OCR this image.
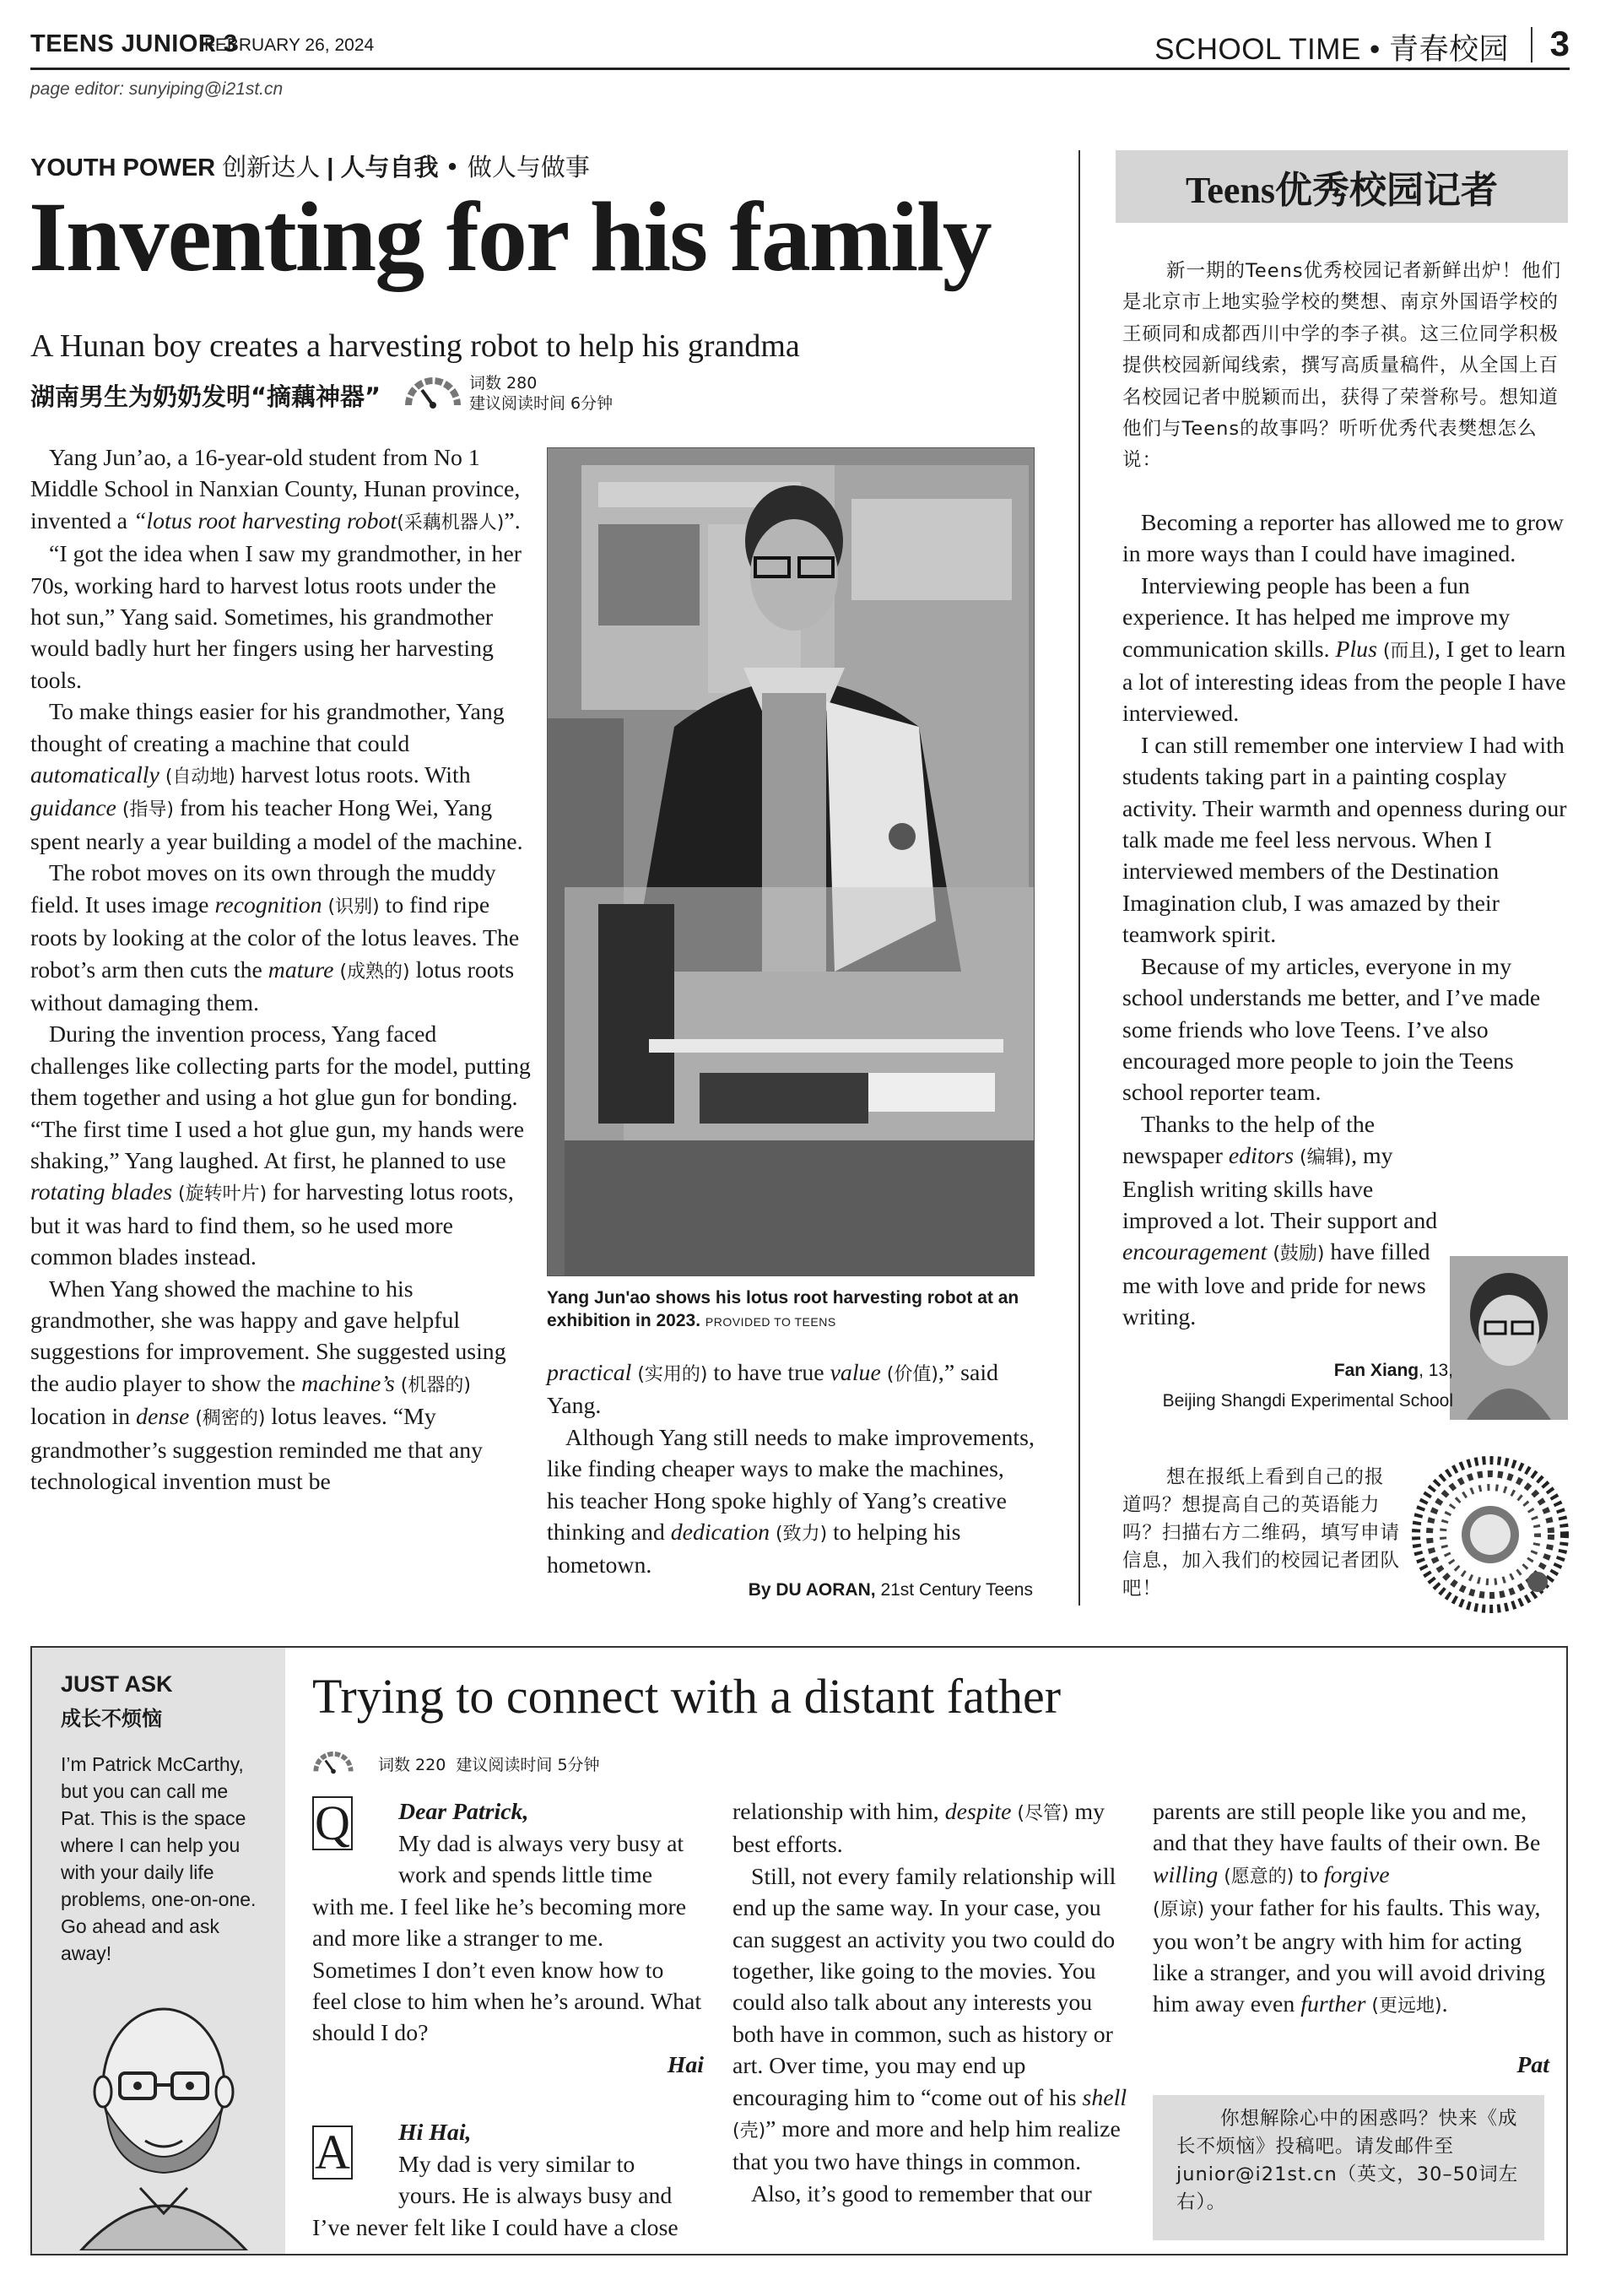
TEENS JUNIOR 3
FEBRUARY 26, 2024	SCHOOL TIME • 青春校园 3
page editor: sunyiping@i21st.cn
YOUTH POWER 创新达人 | 人与自我 • 做人与做事
Inventing for his family
A Hunan boy creates a harvesting robot to help his grandma
湖南男生为奶奶发明“摘藕神器”	词数 280
建议阅读时间 6分钟

Yang Jun’ao, a 16-year-old student from No 1 Middle School in Nanxian County, Hunan province, invented a “lotus root harvesting robot(采藕机器人)”.

“I got the idea when I saw my grandmother, in her 70s, working hard to harvest lotus roots under the hot sun,” Yang said. Sometimes, his grandmother would badly hurt her fingers using her harvesting tools.

To make things easier for his grandmother, Yang thought of creating a machine that could automatically (自动地) harvest lotus roots. With guidance (指导) from his teacher Hong Wei, Yang spent nearly a year building a model of the machine.

The robot moves on its own through the muddy field. It uses image recognition (识别) to find ripe roots by looking at the color of the lotus leaves. The robot’s arm then cuts the mature (成熟的) lotus roots without damaging them.

During the invention process, Yang faced challenges like collecting parts for the model, putting them together and using a hot glue gun for bonding. “The first time I used a hot glue gun, my hands were shaking,” Yang laughed. At first, he planned to use rotating blades (旋转叶片) for harvesting lotus roots, but it was hard to find them, so he used more common blades instead.

When Yang showed the machine to his grandmother, she was happy and gave helpful suggestions for improvement. She suggested using the audio player to show the machine’s (机器的) location in dense (稠密的) lotus leaves. “My grandmother’s suggestion reminded me that any technological invention must be

Yang Jun'ao shows his lotus root harvesting robot at an exhibition in 2023. PROVIDED TO TEENS

practical (实用的) to have true value (价值),” said Yang.

Although Yang still needs to make improvements, like finding cheaper ways to make the machines, his teacher Hong spoke highly of Yang’s creative thinking and dedication (致力) to helping his hometown.

By DU AORAN, 21st Century Teens
Teens优秀校园记者
新一期的Teens优秀校园记者新鲜出炉！他们是北京市上地实验学校的樊想、南京外国语学校的王硕同和成都西川中学的李子祺。这三位同学积极提供校园新闻线索，撰写高质量稿件，从全国上百名校园记者中脱颖而出，获得了荣誉称号。想知道他们与Teens的故事吗？听听优秀代表樊想怎么说：

Becoming a reporter has allowed me to grow in more ways than I could have imagined.

Interviewing people has been a fun experience. It has helped me improve my communication skills. Plus (而且), I get to learn a lot of interesting ideas from the people I have interviewed.

I can still remember one interview I had with students taking part in a painting cosplay activity. Their warmth and openness during our talk made me feel less nervous. When I interviewed members of the Destination Imagination club, I was amazed by their teamwork spirit.

Because of my articles, everyone in my school understands me better, and I’ve made some friends who love Teens. I’ve also encouraged more people to join the Teens school reporter team.

Thanks to the help of the newspaper editors (编辑), my English writing skills have improved a lot. Their support and encouragement (鼓励) have filled me with love and pride for news writing.

Fan Xiang, 13,
Beijing Shangdi Experimental School
想在报纸上看到自己的报道吗？想提高自己的英语能力吗？扫描右方二维码，填写申请信息，加入我们的校园记者团队吧！
JUST ASK
成长不烦恼
I’m Patrick McCarthy, but you can call me Pat. This is the space where I can help you with your daily life problems, one-on-one. Go ahead and ask away!
Trying to connect with a distant father
词数 220 建议阅读时间 5分钟
Q Dear Patrick,

My dad is always very busy at

work and spends little time

with me. I feel like he’s becoming more and more like a stranger to me. Sometimes I don’t even know how to feel close to him when he’s around. What should I do?

Hai
A Hi Hai,

My dad is very similar to

yours. He is always busy and

I’ve never felt like I could have a close

relationship with him, despite (尽管) my best efforts.

Still, not every family relationship will end up the same way. In your case, you can suggest an activity you two could do together, like going to the movies. You could also talk about any interests you both have in common, such as history or art. Over time, you may end up encouraging him to “come out of his shell (壳)” more and more and help him realize that you two have things in common.

Also, it’s good to remember that our

parents are still people like you and me, and that they have faults of their own. Be willing (愿意的) to forgive
(原谅) your father for his faults. This way, you won’t be angry with him for acting like a stranger, and you will avoid driving him away even further (更远地).

Pat
你想解除心中的困惑吗？快来《成长不烦恼》投稿吧。请发邮件至junior@i21st.cn（英文，30–50词左右）。
